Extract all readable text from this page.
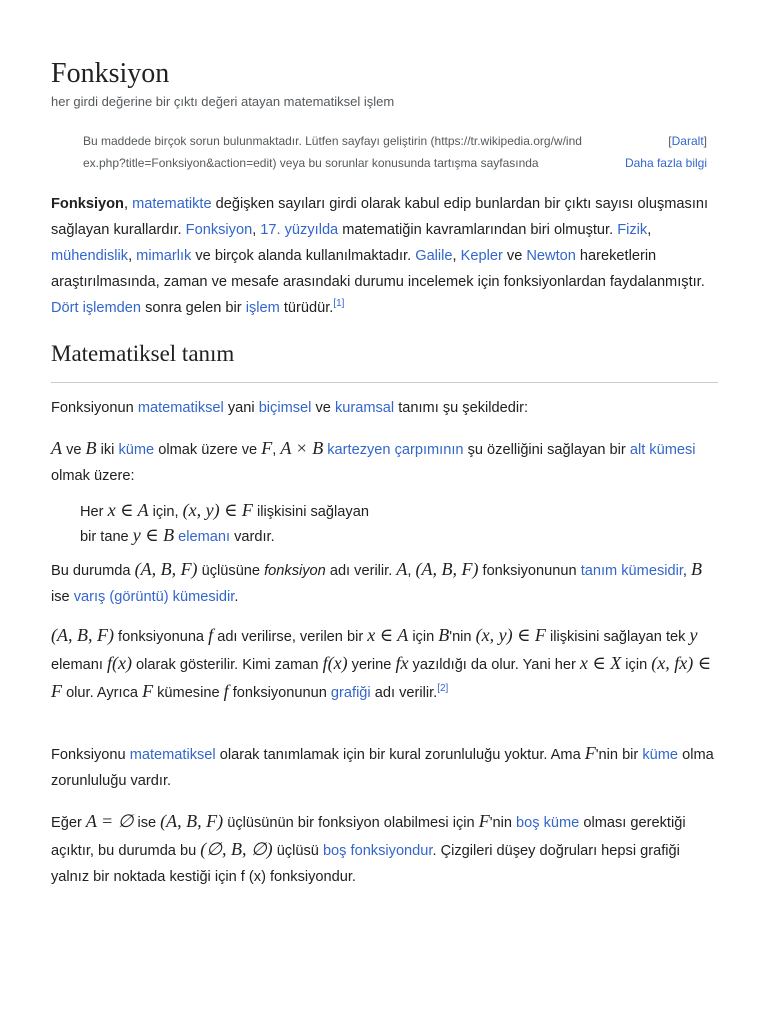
Fonksiyon
her girdi değerine bir çıktı değeri atayan matematiksel işlem
Bu maddede birçok sorun bulunmaktadır. Lütfen sayfayı geliştirin (https://tr.wikipedia.org/w/ind
ex.php?title=Fonksiyon&action=edit) veya bu sorunlar konusunda tartışma sayfasında
[Daralt]
Daha fazla bilgi

Fonksiyon, matematikte değişken sayıları girdi olarak kabul edip bunlardan bir çıktı sayısı oluşmasını sağlayan kurallardır. Fonksiyon, 17. yüzyılda matematiğin kavramlarından biri olmuştur. Fizik, mühendislik, mimarlık ve birçok alanda kullanılmaktadır. Galile, Kepler ve Newton hareketlerin araştırılmasında, zaman ve mesafe arasındaki durumu incelemek için fonksiyonlardan faydalanmıştır. Dört işlemden sonra gelen bir işlem türüdür.[1]

Matematiksel tanım

Fonksiyonun matematiksel yani biçimsel ve kuramsal tanımı şu şekildedir:

A ve B iki küme olmak üzere ve F, A × B kartezyen çarpımının şu özelliğini sağlayan bir alt kümesi olmak üzere:

Her x ∈ A için, (x, y) ∈ F ilişkisini sağlayan
bir tane y ∈ B elemanı vardır.

Bu durumda (A, B, F) üçlüsüne fonksiyon adı verilir. A, (A, B, F) fonksiyonunun tanım kümesidir, B ise varış (görüntü) kümesidir.

(A, B, F) fonksiyonuna f adı verilirse, verilen bir x ∈ A için B'nin (x, y) ∈ F ilişkisini sağlayan tek y elemanı f(x) olarak gösterilir. Kimi zaman f(x) yerine fx yazıldığı da olur. Yani her x ∈ X için (x, fx) ∈ F olur. Ayrıca F kümesine f fonksiyonunun grafiği adı verilir.[2]

Fonksiyonu matematiksel olarak tanımlamak için bir kural zorunluluğu yoktur. Ama F'nin bir küme olma zorunluluğu vardır.

Eğer A = ∅ ise (A, B, F) üçlüsünün bir fonksiyon olabilmesi için F'nin boş küme olması gerektiği açıktır, bu durumda bu (∅, B, ∅) üçlüsü boş fonksiyondur. Çizgileri düşey doğruları hepsi grafiği yalnız bir noktada kestiği için f (x) fonksiyondur.
